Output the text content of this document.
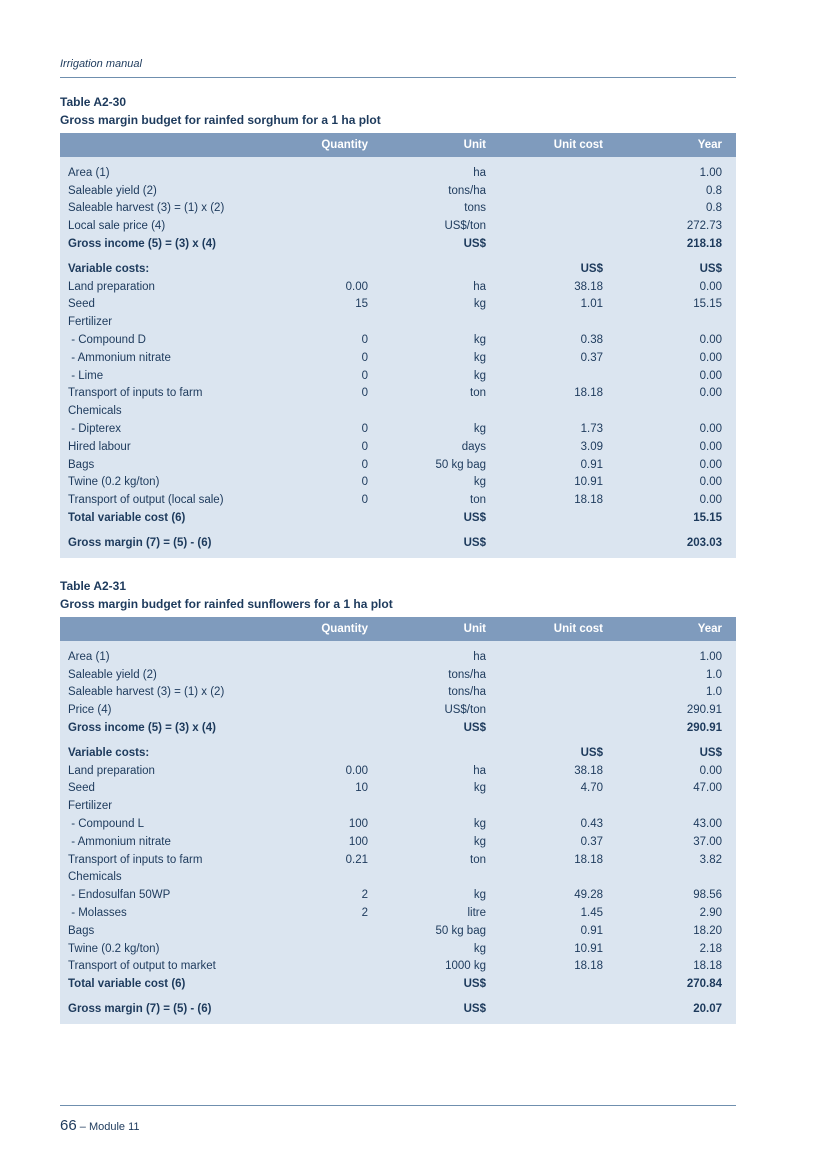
Irrigation manual
Table A2-30
Gross margin budget for rainfed sorghum for a 1 ha plot
	Quantity	Unit	Unit cost	Year
Area (1)		ha		1.00
Saleable yield (2)		tons/ha		0.8
Saleable harvest (3) = (1) x (2)		tons		0.8
Local sale price (4)		US$/ton		272.73
Gross income (5) = (3) x (4)		US$		218.18
Variable costs:			US$	US$
Land preparation	0.00	ha	38.18	0.00
Seed	15	kg	1.01	15.15
Fertilizer				
- Compound D	0	kg	0.38	0.00
- Ammonium nitrate	0	kg	0.37	0.00
- Lime	0	kg		0.00
Transport of inputs to farm	0	ton	18.18	0.00
Chemicals				
- Dipterex	0	kg	1.73	0.00
Hired labour	0	days	3.09	0.00
Bags	0	50 kg bag	0.91	0.00
Twine (0.2 kg/ton)	0	kg	10.91	0.00
Transport of output (local sale)	0	ton	18.18	0.00
Total variable cost (6)		US$		15.15
Gross margin (7) = (5) - (6)		US$		203.03
Table A2-31
Gross margin budget for rainfed sunflowers for a 1 ha plot
	Quantity	Unit	Unit cost	Year
Area (1)		ha		1.00
Saleable yield (2)		tons/ha		1.0
Saleable harvest (3) = (1) x (2)		tons/ha		1.0
Price (4)		US$/ton		290.91
Gross income (5) = (3) x (4)		US$		290.91
Variable costs:			US$	US$
Land preparation	0.00	ha	38.18	0.00
Seed	10	kg	4.70	47.00
Fertilizer				
- Compound L	100	kg	0.43	43.00
- Ammonium nitrate	100	kg	0.37	37.00
Transport of inputs to farm	0.21	ton	18.18	3.82
Chemicals				
- Endosulfan 50WP	2	kg	49.28	98.56
- Molasses	2	litre	1.45	2.90
Bags		50 kg bag	0.91	18.20
Twine (0.2 kg/ton)		kg	10.91	2.18
Transport of output to market		1000 kg	18.18	18.18
Total variable cost (6)		US$		270.84
Gross margin (7) = (5) - (6)		US$		20.07
66 – Module 11
